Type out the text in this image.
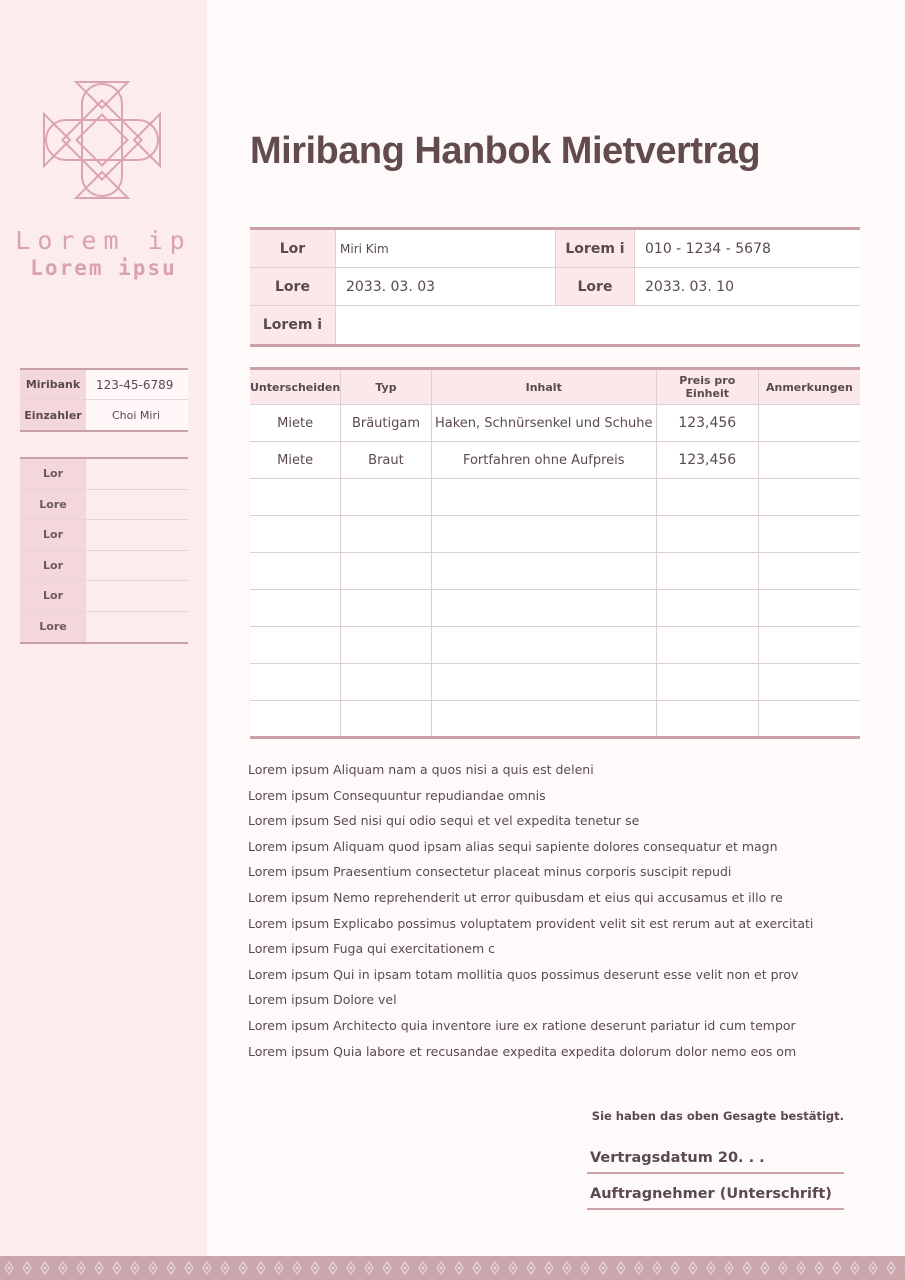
Lorem ip
Lorem ipsu
Miribank	123-45-6789
Einzahler	Choi Miri
Lor
Lore
Lor
Lor
Lor
Lore
Miribang Hanbok Mietvertrag
Lor	Miri Kim	Lorem i	010 - 1234 - 5678
Lore	2033. 03. 03	Lore	2033. 03. 10
Lorem i
Unterscheiden	Typ	Inhalt	Preis pro Einheit	Anmerkungen
Miete	Bräutigam	Haken, Schnürsenkel und Schuhe	123,456	
Miete	Braut	Fortfahren ohne Aufpreis	123,456	

Lorem ipsum Aliquam nam a quos nisi a quis est deleni

Lorem ipsum Consequuntur repudiandae omnis

Lorem ipsum Sed nisi qui odio sequi et vel expedita tenetur se

Lorem ipsum Aliquam quod ipsam alias sequi sapiente dolores consequatur et magn

Lorem ipsum Praesentium consectetur placeat minus corporis suscipit repudi

Lorem ipsum Nemo reprehenderit ut error quibusdam et eius qui accusamus et illo re

Lorem ipsum Explicabo possimus voluptatem provident velit sit est rerum aut at exercitati

Lorem ipsum Fuga qui exercitationem c

Lorem ipsum Qui in ipsam totam mollitia quos possimus deserunt esse velit non et prov

Lorem ipsum Dolore vel

Lorem ipsum Architecto quia inventore iure ex ratione deserunt pariatur id cum tempor

Lorem ipsum Quia labore et recusandae expedita expedita dolorum dolor nemo eos om

Sie haben das oben Gesagte bestätigt.
Vertragsdatum 20. . .
Auftragnehmer (Unterschrift)
